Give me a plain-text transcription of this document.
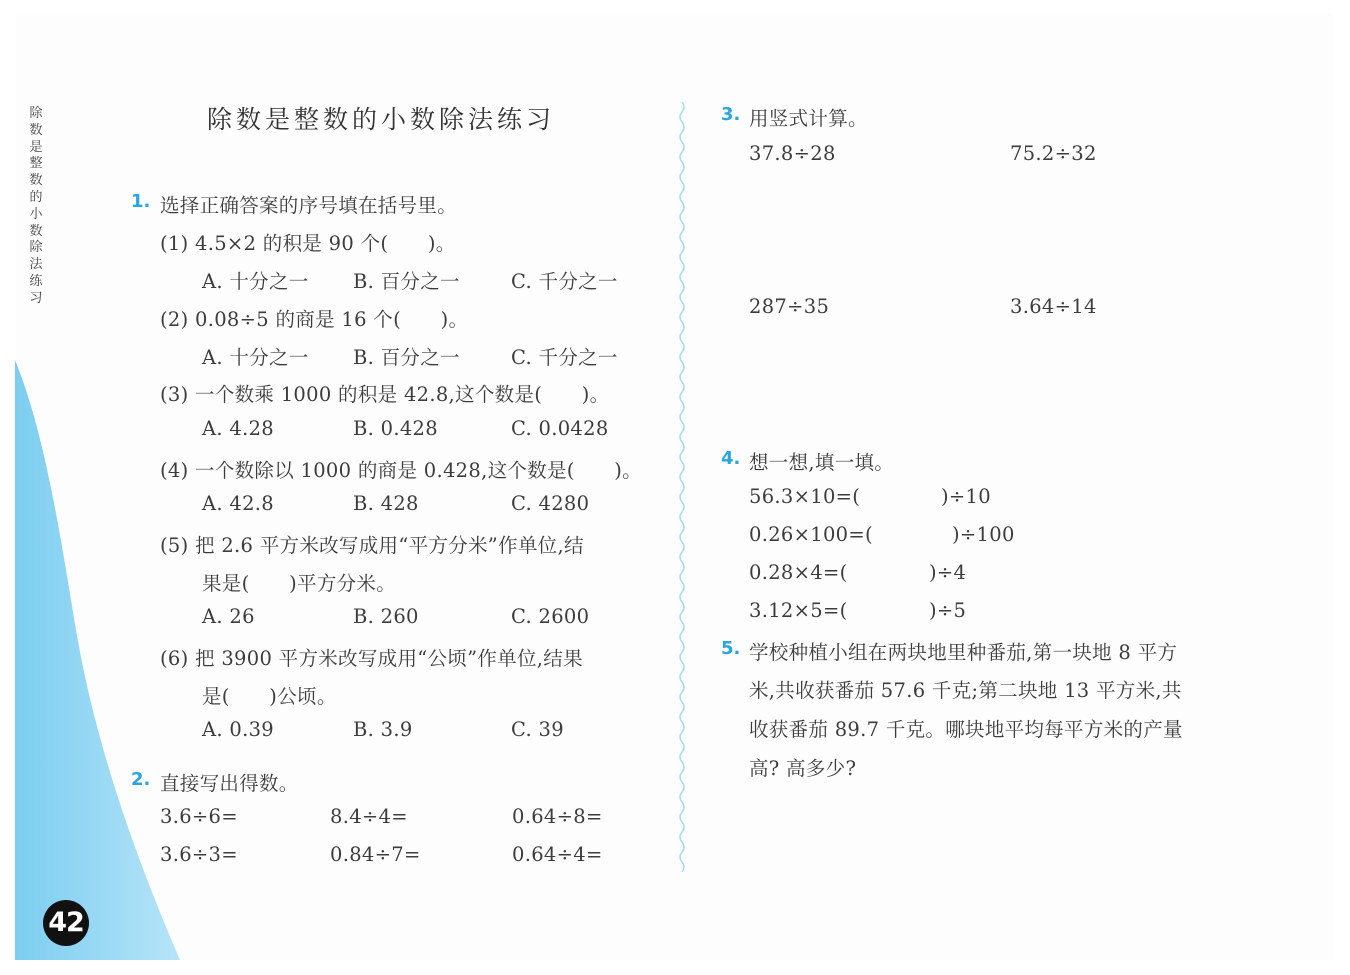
42
除数是整数的小数除法练习
除数是整数的小数除法练习
1. 选择正确答案的序号填在括号里。
(1) 4.5×2 的积是 90 个(　　)。
A. 十分之一 B. 百分之一	C. 千分之一
(2) 0.08÷5 的商是 16 个(　　)。
A. 十分之一 B. 百分之一	C. 千分之一
(3) 一个数乘 1000 的积是 42.8,这个数是(　　)。
A. 4.28	B. 0.428	C. 0.0428
(4) 一个数除以 1000 的商是 0.428,这个数是(　　)。
A. 42.8	B. 428	C. 4280
(5) 把 2.6 平方米改写成用“平方分米”作单位,结
果是(　　)平方分米。
A. 26	B. 260	C. 2600
(6) 把 3900 平方米改写成用“公顷”作单位,结果
是(　　)公顷。
A. 0.39	B. 3.9	C. 39
2. 直接写出得数。
3.6÷6=	8.4÷4=	0.64÷8=
3.6÷3=	0.84÷7=	0.64÷4=
3. 用竖式计算。
37.8÷28	75.2÷32
287÷35	3.64÷14
4. 想一想,填一填。
56.3×10=(	)÷10
0.26×100=(	)÷100
0.28×4=(	)÷4
3.12×5=(	)÷5
5. 学校种植小组在两块地里种番茄,第一块地 8 平方
米,共收获番茄 57.6 千克;第二块地 13 平方米,共
收获番茄 89.7 千克。哪块地平均每平方米的产量
高? 高多少?
